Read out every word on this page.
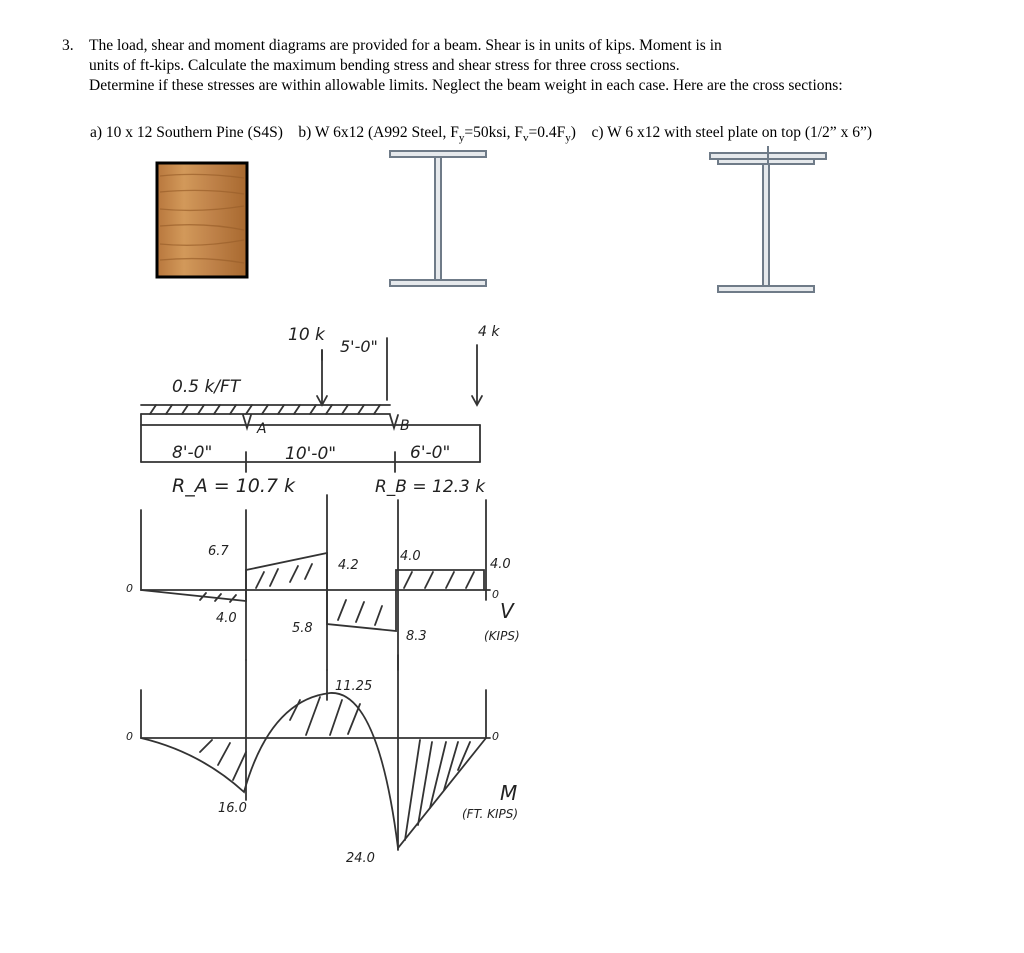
3. The load, shear and moment diagrams are provided for a beam. Shear is in units of kips. Moment is in
units of ft-kips. Calculate the maximum bending stress and shear stress for three cross sections.
Determine if these stresses are within allowable limits. Neglect the beam weight in each case. Here are the cross sections:
a) 10 x 12 Southern Pine (S4S) b) W 6x12 (A992 Steel, $F_y=50ksi$, $F_v=0.4F_y$) c) W 6 x12 with steel plate on top (1/2” x 6”)
0.5 k/FT
10 k	4 k
5'-0"
A	B
8'-0"	10'-0"	6'-0"
R_A = 10.7 k	R_B = 12.3 k
0	0
6.7
4.0
4.2
5.8
4.0
8.3
4.0
V
(KIPS)
0	0
16.0
11.25
24.0
M
(FT. KIPS)
